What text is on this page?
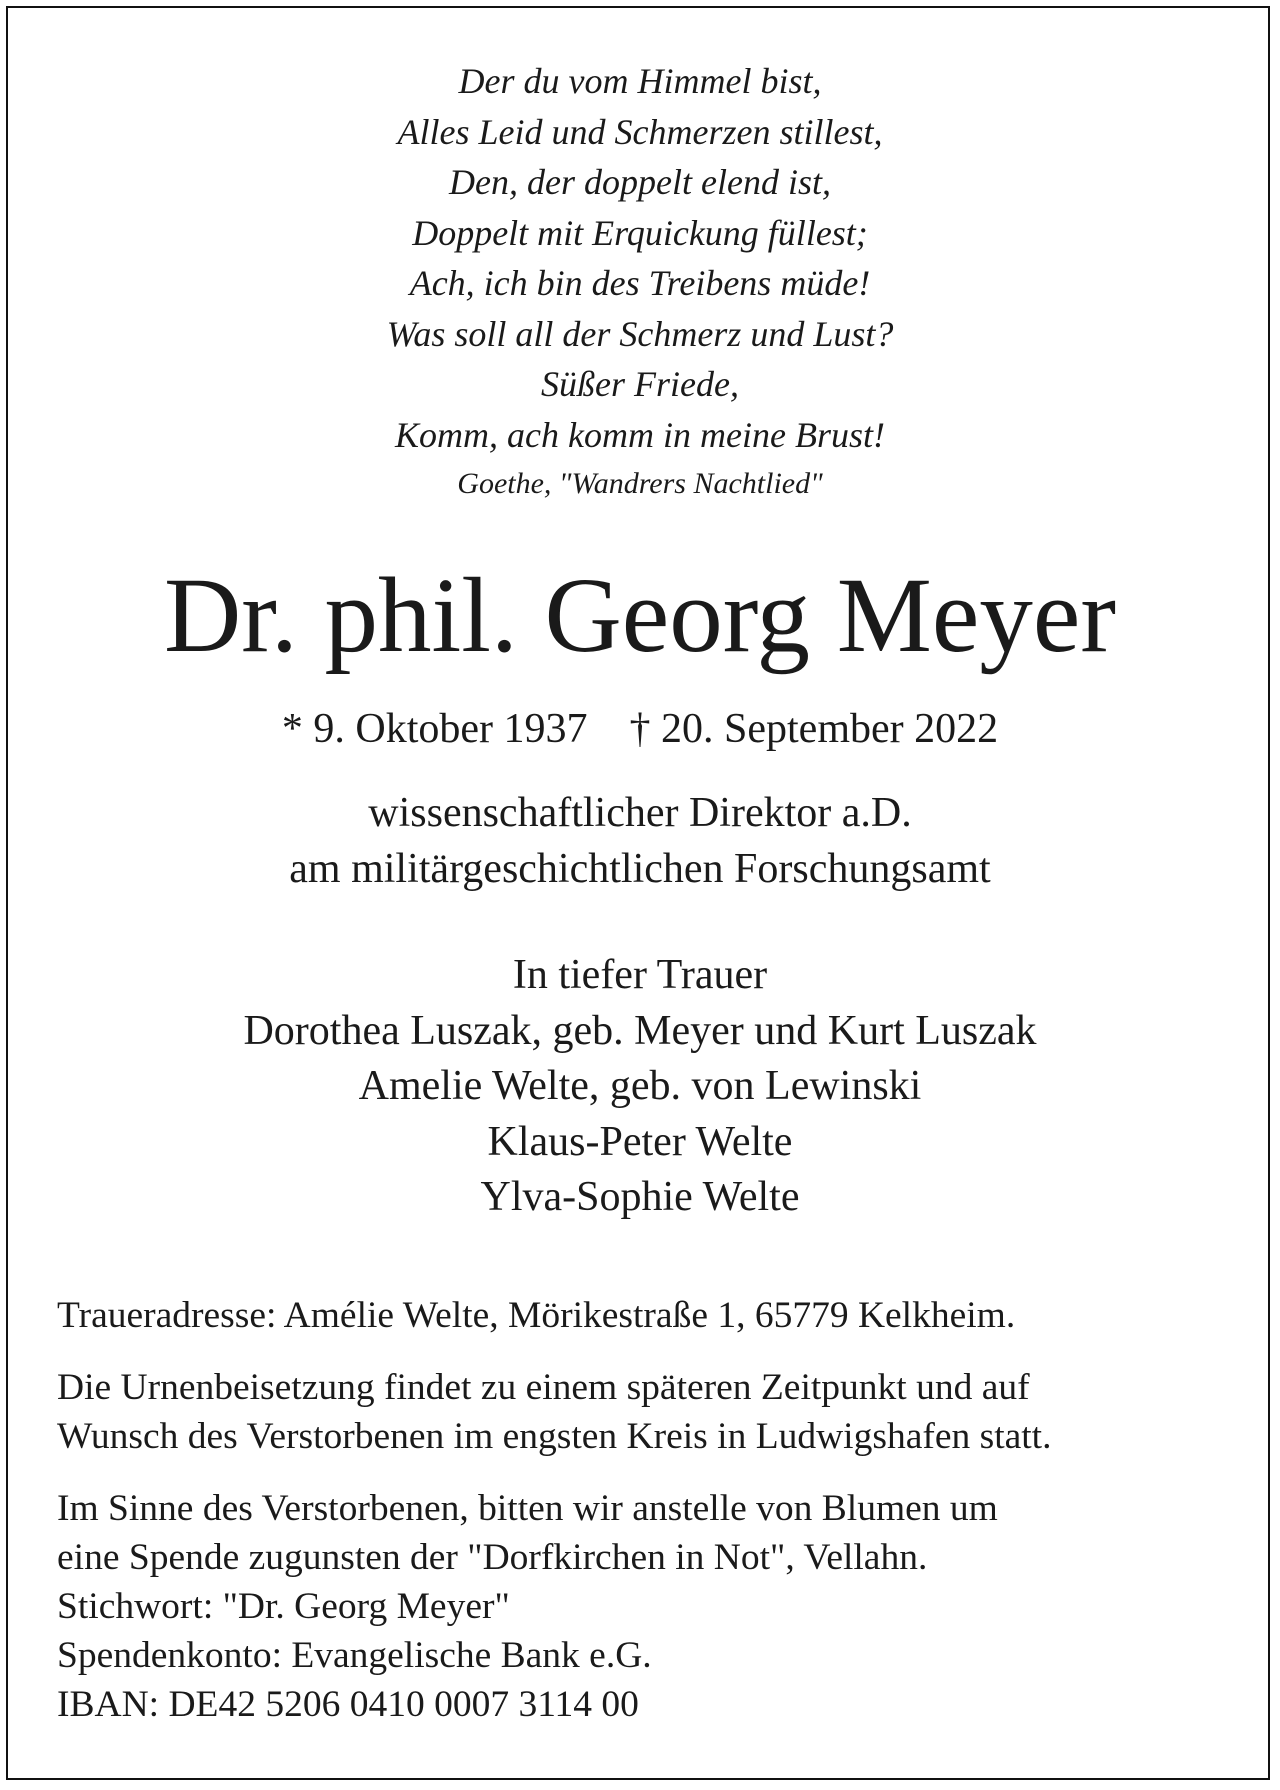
Der du vom Himmel bist,
Alles Leid und Schmerzen stillest,
Den, der doppelt elend ist,
Doppelt mit Erquickung füllest;
Ach, ich bin des Treibens müde!
Was soll all der Schmerz und Lust?
Süßer Friede,
Komm, ach komm in meine Brust!
Goethe, "Wandrers Nachtlied"
Dr. phil. Georg Meyer
* 9. Oktober 1937 † 20. September 2022
wissenschaftlicher Direktor a.D.
am militärgeschichtlichen Forschungsamt
In tiefer Trauer
Dorothea Luszak, geb. Meyer und Kurt Luszak
Amelie Welte, geb. von Lewinski
Klaus-Peter Welte
Ylva-Sophie Welte
Traueradresse: Amélie Welte, Mörikestraße 1, 65779 Kelkheim.
Die Urnenbeisetzung findet zu einem späteren Zeitpunkt und auf
Wunsch des Verstorbenen im engsten Kreis in Ludwigshafen statt.
Im Sinne des Verstorbenen, bitten wir anstelle von Blumen um
eine Spende zugunsten der "Dorfkirchen in Not", Vellahn.
Stichwort: "Dr. Georg Meyer"
Spendenkonto: Evangelische Bank e.G.
IBAN: DE42 5206 0410 0007 3114 00
